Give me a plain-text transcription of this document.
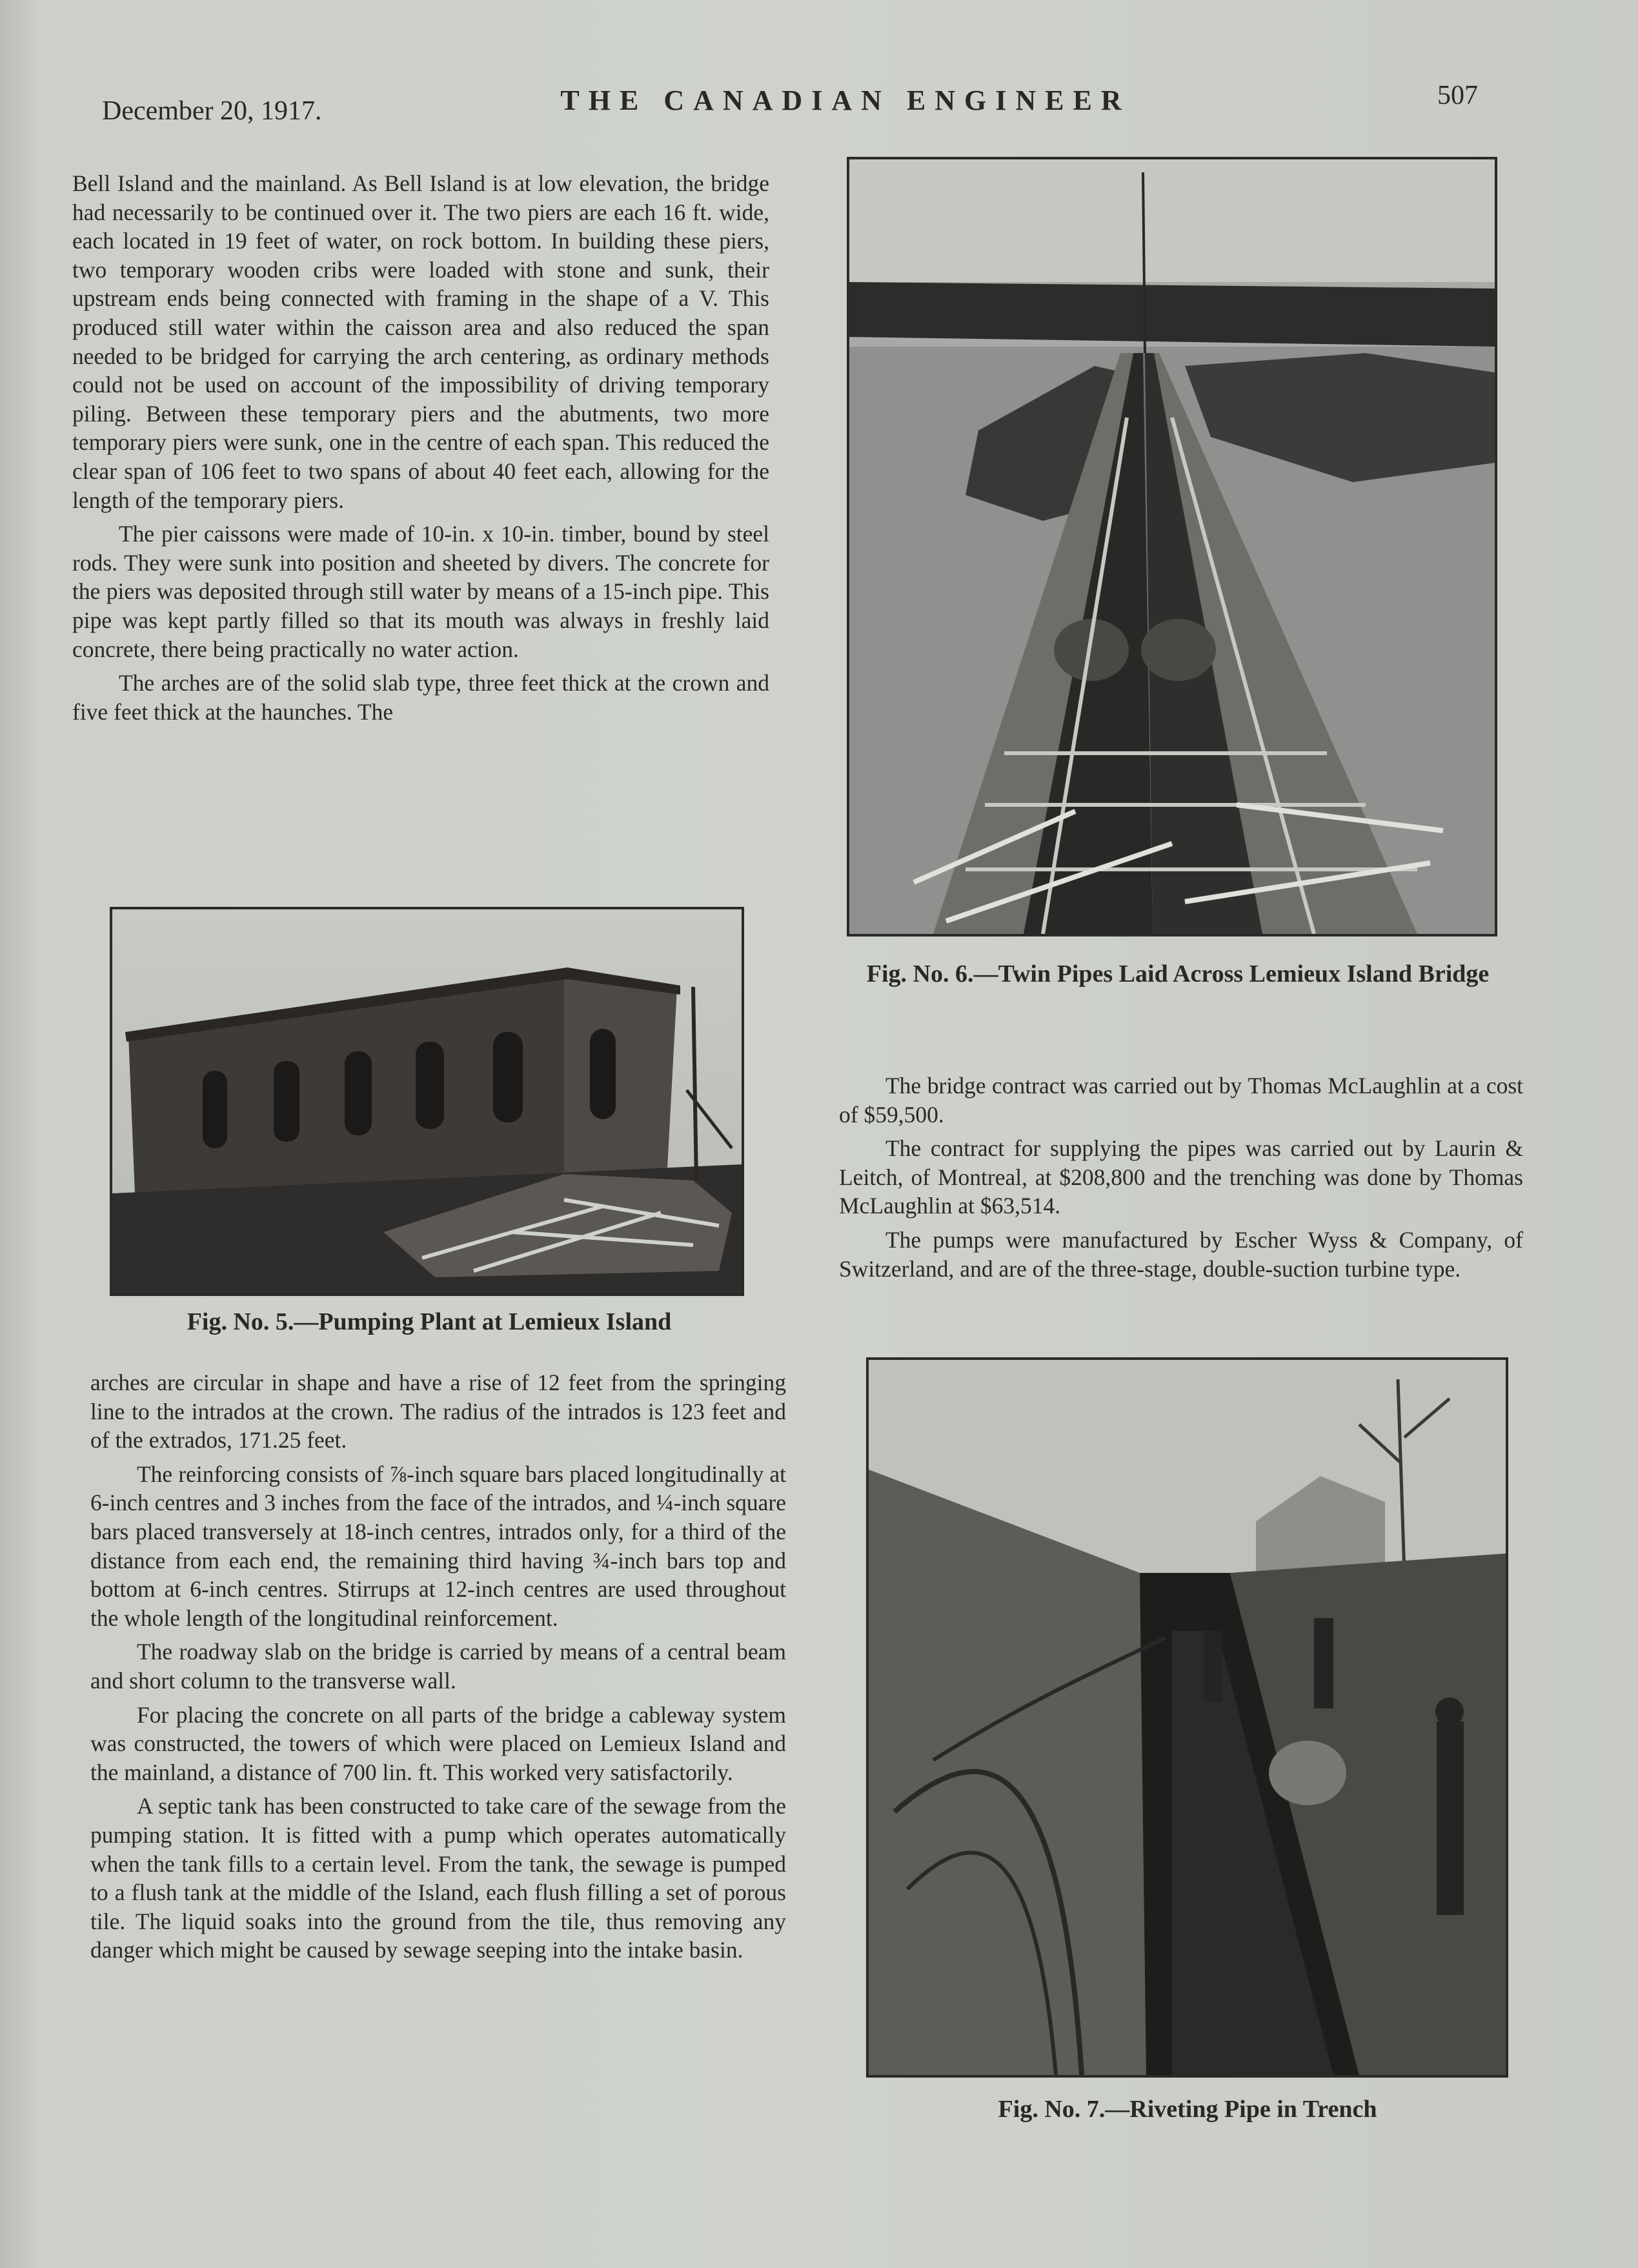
December 20, 1917.	THE CANADIAN ENGINEER	507

Bell Island and the mainland. As Bell Island is at low elevation, the bridge had necessarily to be continued over it. The two piers are each 16 ft. wide, each located in 19 feet of water, on rock bottom. In building these piers, two temporary wooden cribs were loaded with stone and sunk, their upstream ends being connected with framing in the shape of a V. This produced still water within the caisson area and also reduced the span needed to be bridged for carrying the arch centering, as ordinary methods could not be used on account of the impossibility of driving temporary piling. Between these temporary piers and the abutments, two more temporary piers were sunk, one in the centre of each span. This reduced the clear span of 106 feet to two spans of about 40 feet each, allowing for the length of the temporary piers.

The pier caissons were made of 10-in. x 10-in. timber, bound by steel rods. They were sunk into position and sheeted by divers. The concrete for the piers was deposited through still water by means of a 15-inch pipe. This pipe was kept partly filled so that its mouth was always in freshly laid concrete, there being practically no water action.

The arches are of the solid slab type, three feet thick at the crown and five feet thick at the haunches. The

Fig. No. 5.—Pumping Plant at Lemieux Island

arches are circular in shape and have a rise of 12 feet from the springing line to the intrados at the crown. The radius of the intrados is 123 feet and of the extrados, 171.25 feet.

The reinforcing consists of ⅞-inch square bars placed longitudinally at 6-inch centres and 3 inches from the face of the intrados, and ¼-inch square bars placed transversely at 18-inch centres, intrados only, for a third of the distance from each end, the remaining third having ¾-inch bars top and bottom at 6-inch centres. Stirrups at 12-inch centres are used throughout the whole length of the longitudinal reinforcement.

The roadway slab on the bridge is carried by means of a central beam and short column to the transverse wall.

For placing the concrete on all parts of the bridge a cableway system was constructed, the towers of which were placed on Lemieux Island and the mainland, a distance of 700 lin. ft. This worked very satisfactorily.

A septic tank has been constructed to take care of the sewage from the pumping station. It is fitted with a pump which operates automatically when the tank fills to a certain level. From the tank, the sewage is pumped to a flush tank at the middle of the Island, each flush filling a set of porous tile. The liquid soaks into the ground from the tile, thus removing any danger which might be caused by sewage seeping into the intake basin.

Fig. No. 6.—Twin Pipes Laid Across Lemieux Island Bridge

The bridge contract was carried out by Thomas McLaughlin at a cost of $59,500.

The contract for supplying the pipes was carried out by Laurin & Leitch, of Montreal, at $208,800 and the trenching was done by Thomas McLaughlin at $63,514.

The pumps were manufactured by Escher Wyss & Company, of Switzerland, and are of the three-stage, double-suction turbine type.

Fig. No. 7.—Riveting Pipe in Trench
